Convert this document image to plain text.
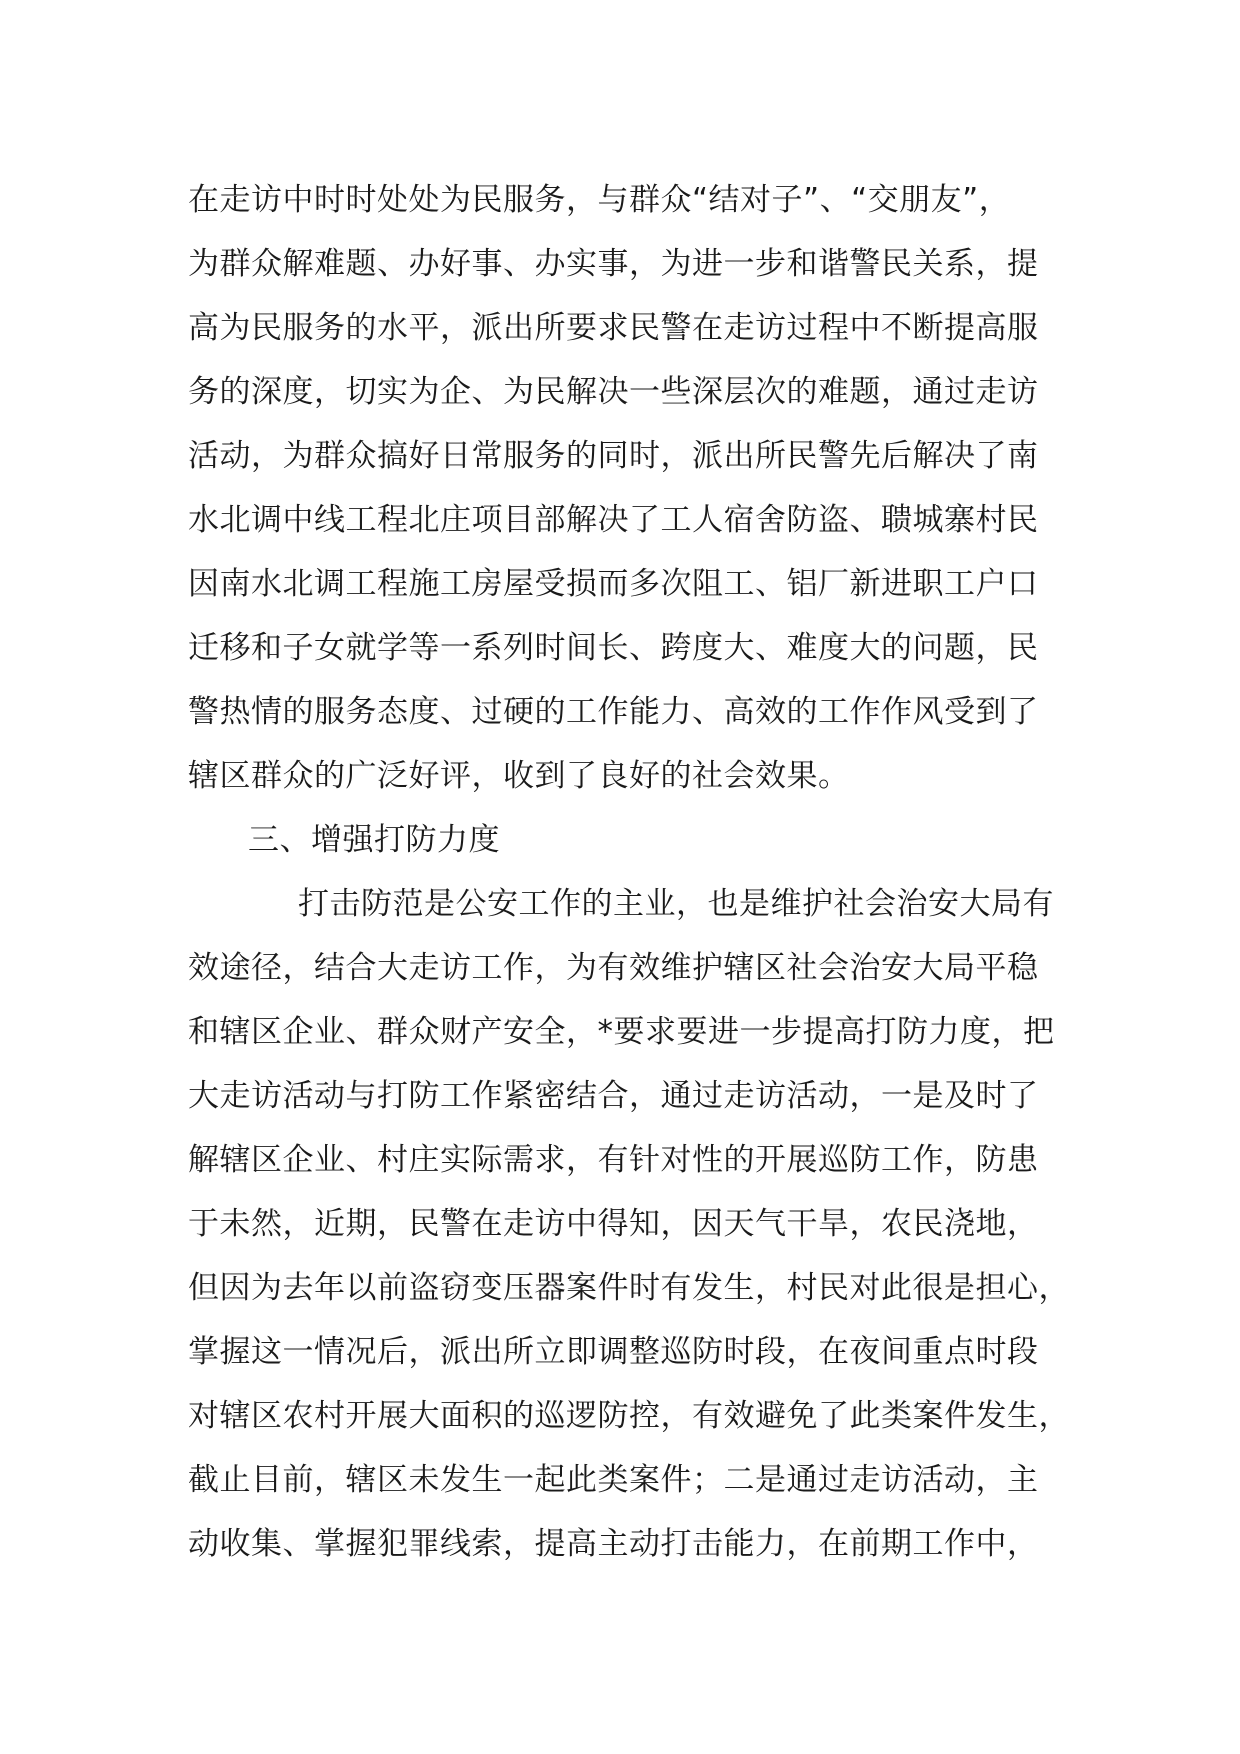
在走访中时时处处为民服务，与群众“结对子”、“交朋友”，
为群众解难题、办好事、办实事，为进一步和谐警民关系，提
高为民服务的水平，派出所要求民警在走访过程中不断提高服
务的深度，切实为企、为民解决一些深层次的难题，通过走访
活动，为群众搞好日常服务的同时，派出所民警先后解决了南
水北调中线工程北庄项目部解决了工人宿舍防盗、聩城寨村民
因南水北调工程施工房屋受损而多次阻工、铝厂新进职工户口
迁移和子女就学等一系列时间长、跨度大、难度大的问题，民
警热情的服务态度、过硬的工作能力、高效的工作作风受到了
辖区群众的广泛好评，收到了良好的社会效果。
三、增强打防力度
打击防范是公安工作的主业，也是维护社会治安大局有
效途径，结合大走访工作，为有效维护辖区社会治安大局平稳
和辖区企业、群众财产安全，*要求要进一步提高打防力度，把
大走访活动与打防工作紧密结合，通过走访活动，一是及时了
解辖区企业、村庄实际需求，有针对性的开展巡防工作，防患
于未然，近期，民警在走访中得知，因天气干旱，农民浇地，
但因为去年以前盗窃变压器案件时有发生，村民对此很是担心，
掌握这一情况后，派出所立即调整巡防时段，在夜间重点时段
对辖区农村开展大面积的巡逻防控，有效避免了此类案件发生，
截止目前，辖区未发生一起此类案件；二是通过走访活动，主
动收集、掌握犯罪线索，提高主动打击能力，在前期工作中，
